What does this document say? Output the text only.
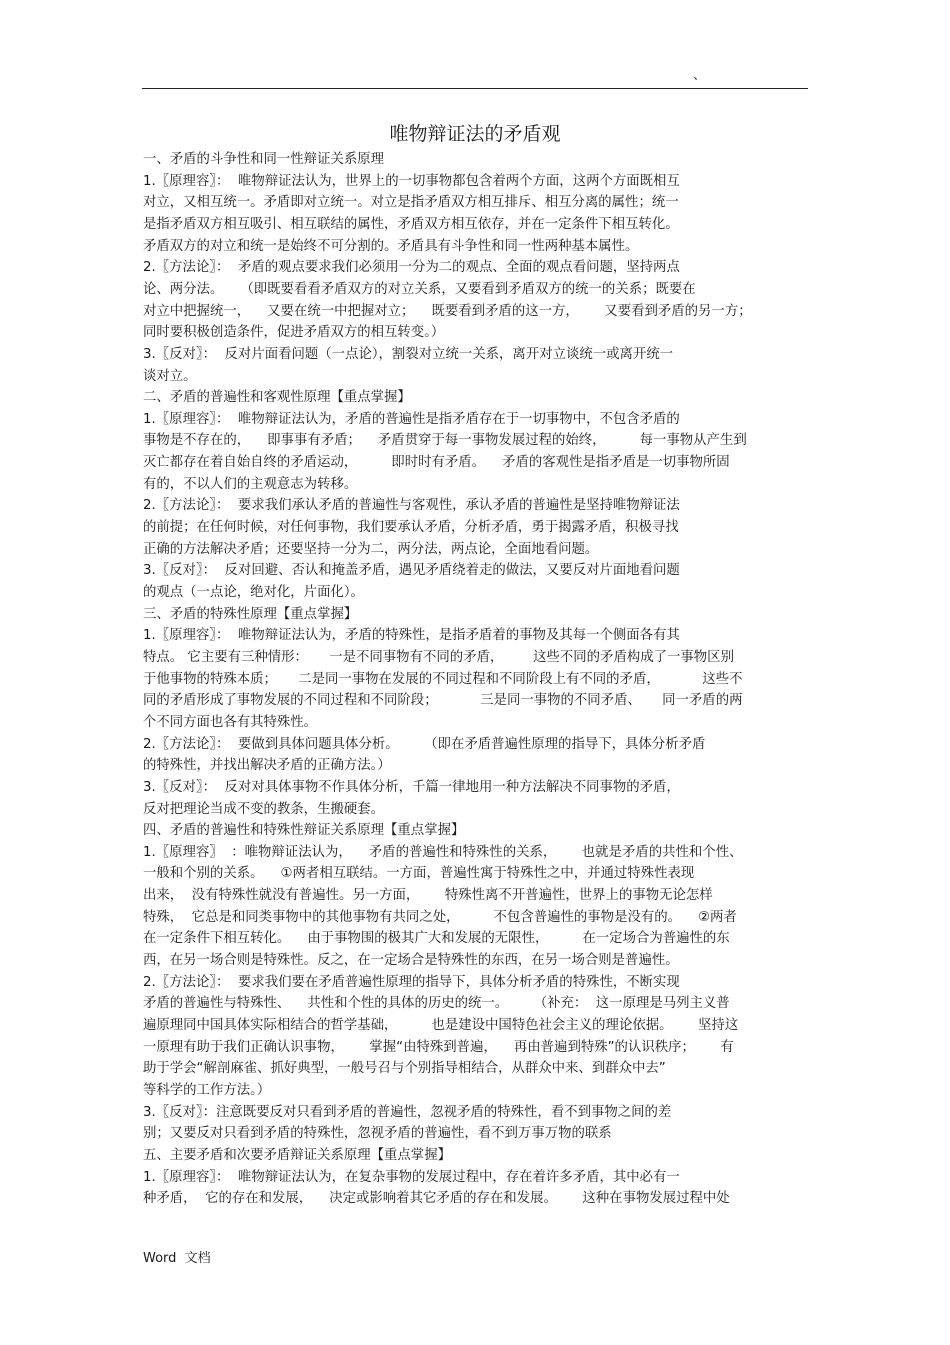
、
唯物辩证法的矛盾观
一、矛盾的斗争性和同一性辩证关系原理
1.〖原理容〗：  唯物辩证法认为，世界上的一切事物都包含着两个方面，这两个方面既相互
对立，又相互统一。矛盾即对立统一。对立是指矛盾双方相互排斥、相互分离的属性；统一
是指矛盾双方相互吸引、相互联结的属性，矛盾双方相互依存，并在一定条件下相互转化。
矛盾双方的对立和统一是始终不可分割的。矛盾具有斗争性和同一性两种基本属性。
2.〖方法论〗：  矛盾的观点要求我们必须用一分为二的观点、全面的观点看问题，坚持两点
论、两分法。    （即既要看看矛盾双方的对立关系，又要看到矛盾双方的统一的关系；既要在
对立中把握统一，    又要在统一中把握对立；    既要看到矛盾的这一方，      又要看到矛盾的另一方；
同时要积极创造条件，促进矛盾双方的相互转变。）
3.〖反对〗：  反对片面看问题（一点论），割裂对立统一关系，离开对立谈统一或离开统一
谈对立。
二、矛盾的普遍性和客观性原理【重点掌握】
1.〖原理容〗：  唯物辩证法认为，矛盾的普遍性是指矛盾存在于一切事物中，不包含矛盾的
事物是不存在的，    即事事有矛盾；    矛盾贯穿于每一事物发展过程的始终，        每一事物从产生到
灭亡都存在着自始自终的矛盾运动，        即时时有矛盾。    矛盾的客观性是指矛盾是一切事物所固
有的，不以人们的主观意志为转移。
2.〖方法论〗：  要求我们承认矛盾的普遍性与客观性，承认矛盾的普遍性是坚持唯物辩证法
的前提；在任何时候，对任何事物，我们要承认矛盾，分析矛盾，勇于揭露矛盾，积极寻找
正确的方法解决矛盾；还要坚持一分为二，两分法，两点论，全面地看问题。
3.〖反对〗：  反对回避、否认和掩盖矛盾，遇见矛盾绕着走的做法，又要反对片面地看问题
的观点（一点论，绝对化，片面化）。
三、矛盾的特殊性原理【重点掌握】
1.〖原理容〗：  唯物辩证法认为，矛盾的特殊性，是指矛盾着的事物及其每一个侧面各有其
特点。 它主要有三种情形：     一是不同事物有不同的矛盾，       这些不同的矛盾构成了一事物区别
于他事物的特殊本质；     二是同一事物在发展的不同过程和不同阶段上有不同的矛盾，          这些不
同的矛盾形成了事物发展的不同过程和不同阶段；          三是同一事物的不同矛盾、     同一矛盾的两
个不同方面也各有其特殊性。
2.〖方法论〗：  要做到具体问题具体分析。      （即在矛盾普遍性原理的指导下，具体分析矛盾
的特殊性，并找出解决矛盾的正确方法。）
3.〖反对〗：  反对对具体事物不作具体分析，千篇一律地用一种方法解决不同事物的矛盾，
反对把理论当成不变的教条，生搬硬套。
四、矛盾的普遍性和特殊性辩证关系原理【重点掌握】
1.〖原理容〗  ：唯物辩证法认为，    矛盾的普遍性和特殊性的关系，      也就是矛盾的共性和个性、
一般和个别的关系。    ①两者相互联结。一方面，普遍性寓于特殊性之中，并通过特殊性表现
出来，  没有特殊性就没有普遍性。另一方面，      特殊性离不开普遍性，世界上的事物无论怎样
特殊，  它总是和同类事物中的其他事物有共同之处，        不包含普遍性的事物是没有的。    ②两者
在一定条件下相互转化。    由于事物围的极其广大和发展的无限性，        在一定场合为普遍性的东
西，在另一场合则是特殊性。反之，在一定场合是特殊性的东西，在另一场合则是普遍性。
2.〖方法论〗：  要求我们要在矛盾普遍性原理的指导下，具体分析矛盾的特殊性，不断实现
矛盾的普遍性与特殊性、    共性和个性的具体的历史的统一。      （补充：  这一原理是马列主义普
遍原理同中国具体实际相结合的哲学基础，        也是建设中国特色社会主义的理论依据。      坚持这
一原理有助于我们正确认识事物，      掌握“由特殊到普遍，    再由普遍到特殊”的认识秩序；      有
助于学会“解剖麻雀、抓好典型，一般号召与个别指导相结合，从群众中来、到群众中去”
等科学的工作方法。）
3.〖反对〗：注意既要反对只看到矛盾的普遍性，忽视矛盾的特殊性，看不到事物之间的差
别；又要反对只看到矛盾的特殊性，忽视矛盾的普遍性，看不到万事万物的联系
五、主要矛盾和次要矛盾辩证关系原理【重点掌握】
1.〖原理容〗：  唯物辩证法认为，在复杂事物的发展过程中，存在着许多矛盾，其中必有一
种矛盾，  它的存在和发展，    决定或影响着其它矛盾的存在和发展。      这种在事物发展过程中处
Word  文档
